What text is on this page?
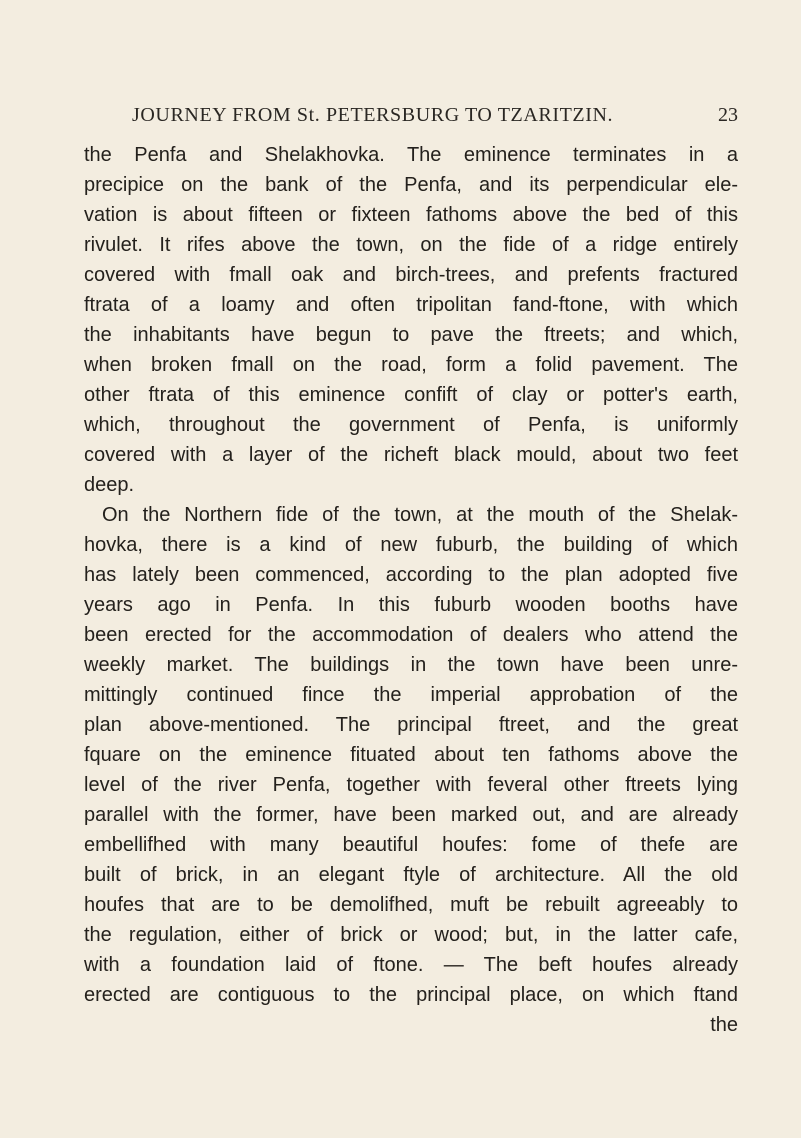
JOURNEY FROM St. PETERSBURG TO TZARITZIN.	23
the Penfa and Shelakhovka. The eminence terminates in a
precipice on the bank of the Penfa, and its perpendicular ele-
vation is about fifteen or fixteen fathoms above the bed of this
rivulet. It rifes above the town, on the fide of a ridge entirely
covered with fmall oak and birch-trees, and prefents fractured
ftrata of a loamy and often tripolitan fand-ftone, with which
the inhabitants have begun to pave the ftreets; and which,
when broken fmall on the road, form a folid pavement. The
other ftrata of this eminence confift of clay or potter's earth,
which, throughout the government of Penfa, is uniformly
covered with a layer of the richeft black mould, about two feet
deep.
On the Northern fide of the town, at the mouth of the Shelak-
hovka, there is a kind of new fuburb, the building of which
has lately been commenced, according to the plan adopted five
years ago in Penfa. In this fuburb wooden booths have
been erected for the accommodation of dealers who attend the
weekly market. The buildings in the town have been unre-
mittingly continued fince the imperial approbation of the
plan above-mentioned. The principal ftreet, and the great
fquare on the eminence fituated about ten fathoms above the
level of the river Penfa, together with feveral other ftreets lying
parallel with the former, have been marked out, and are already
embellifhed with many beautiful houfes: fome of thefe are
built of brick, in an elegant ftyle of architecture. All the old
houfes that are to be demolifhed, muft be rebuilt agreeably to
the regulation, either of brick or wood; but, in the latter cafe,
with a foundation laid of ftone. — The beft houfes already
erected are contiguous to the principal place, on which ftand
the
